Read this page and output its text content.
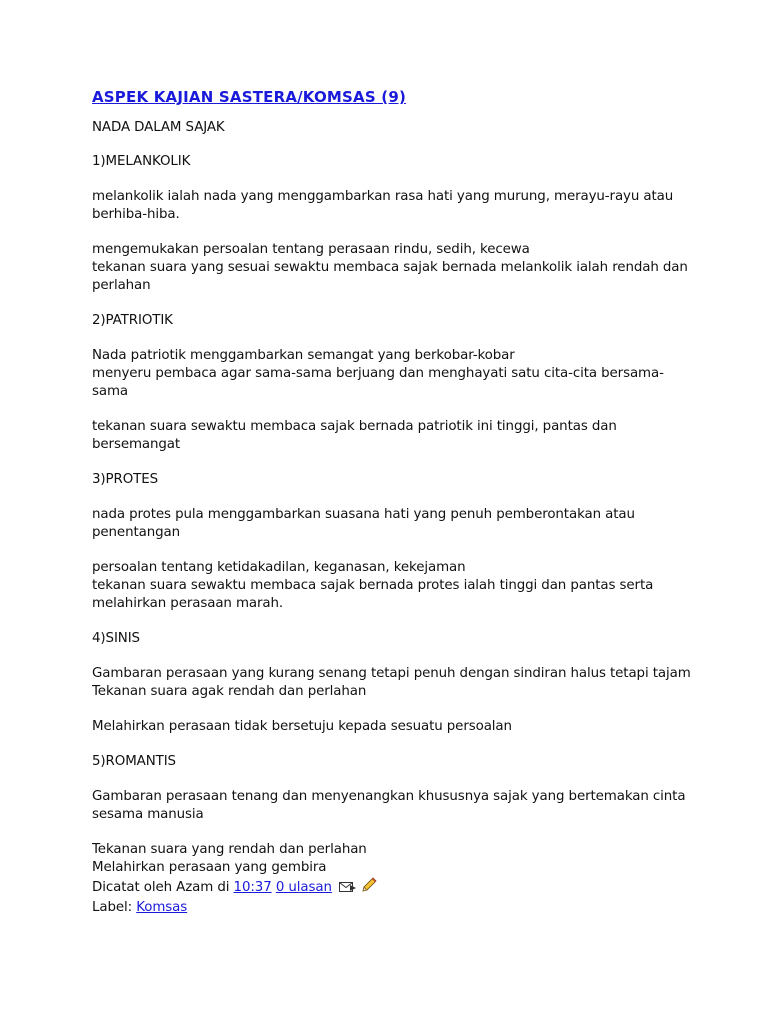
ASPEK KAJIAN SASTERA/KOMSAS (9)

NADA DALAM SAJAK

1)MELANKOLIK

melankolik ialah nada yang menggambarkan rasa hati yang murung, merayu-rayu atau berhiba-hiba.

mengemukakan persoalan tentang perasaan rindu, sedih, kecewa
tekanan suara yang sesuai sewaktu membaca sajak bernada melankolik ialah rendah dan perlahan

2)PATRIOTIK

Nada patriotik menggambarkan semangat yang berkobar-kobar
menyeru pembaca agar sama-sama berjuang dan menghayati satu cita-cita bersama-sama

tekanan suara sewaktu membaca sajak bernada patriotik ini tinggi, pantas dan bersemangat

3)PROTES

nada protes pula menggambarkan suasana hati yang penuh pemberontakan atau penentangan

persoalan tentang ketidakadilan, keganasan, kekejaman
tekanan suara sewaktu membaca sajak bernada protes ialah tinggi dan pantas serta melahirkan perasaan marah.

4)SINIS

Gambaran perasaan yang kurang senang tetapi penuh dengan sindiran halus tetapi tajam
Tekanan suara agak rendah dan perlahan

Melahirkan perasaan tidak bersetuju kepada sesuatu persoalan

5)ROMANTIS

Gambaran perasaan tenang dan menyenangkan khususnya sajak yang bertemakan cinta sesama manusia

Tekanan suara yang rendah dan perlahan
Melahirkan perasaan yang gembira
Dicatat oleh Azam di 10:37 0 ulasan
Label: Komsas
